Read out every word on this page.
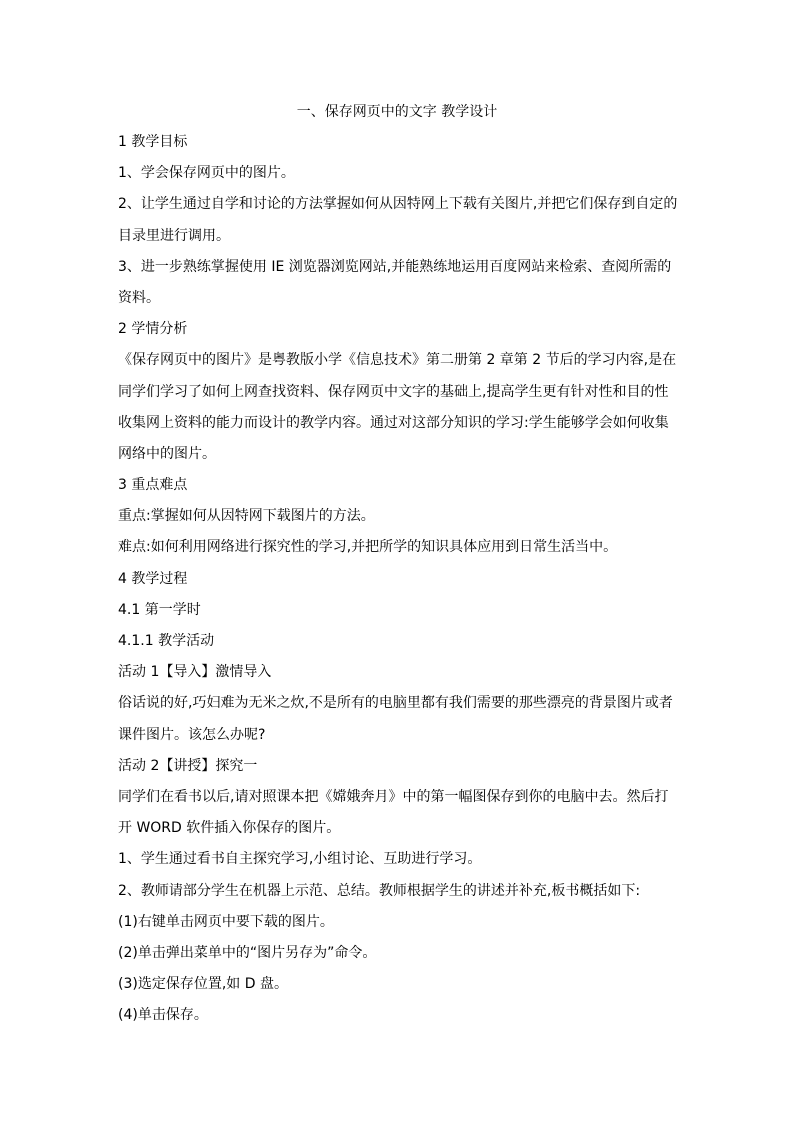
一、保存网页中的文字 教学设计
1 教学目标
1、学会保存网页中的图片。
2、让学生通过自学和讨论的方法掌握如何从因特网上下载有关图片,并把它们保存到自定的
目录里进行调用。
3、进一步熟练掌握使用 IE 浏览器浏览网站,并能熟练地运用百度网站来检索、查阅所需的
资料。
2 学情分析
《保存网页中的图片》是粤教版小学《信息技术》第二册第 2 章第 2 节后的学习内容,是在
同学们学习了如何上网查找资料、保存网页中文字的基础上,提高学生更有针对性和目的性
收集网上资料的能力而设计的教学内容。通过对这部分知识的学习:学生能够学会如何收集
网络中的图片。
3 重点难点
重点:掌握如何从因特网下载图片的方法。
难点:如何利用网络进行探究性的学习,并把所学的知识具体应用到日常生活当中。
4 教学过程
4.1 第一学时
4.1.1 教学活动
活动 1【导入】激情导入
俗话说的好,巧妇难为无米之炊,不是所有的电脑里都有我们需要的那些漂亮的背景图片或者
课件图片。该怎么办呢?
活动 2【讲授】探究一
同学们在看书以后,请对照课本把《嫦娥奔月》中的第一幅图保存到你的电脑中去。然后打
开 WORD 软件插入你保存的图片。
1、学生通过看书自主探究学习,小组讨论、互助进行学习。
2、教师请部分学生在机器上示范、总结。教师根据学生的讲述并补充,板书概括如下:
(1)右键单击网页中要下载的图片。
(2)单击弹出菜单中的“图片另存为”命令。
(3)选定保存位置,如 D 盘。
(4)单击保存。
